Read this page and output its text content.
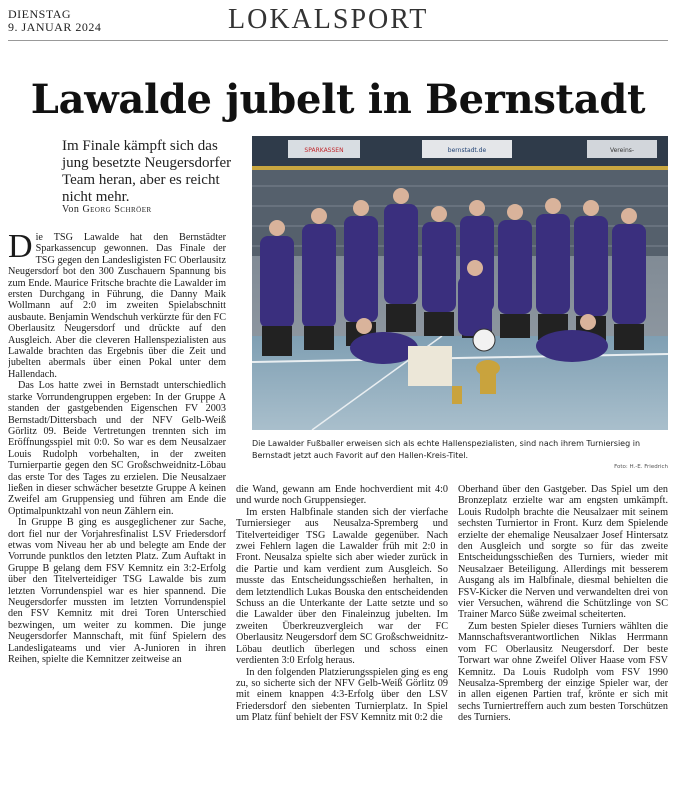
DIENSTAG
9. JANUAR 2024	LOKALSPORT
Lawalde jubelt in Bernstadt
Im Finale kämpft sich das jung besetzte Neugersdorfer Team heran, aber es reicht nicht mehr.
Von Georg Schröer
SPARKASSEN	bernstadt.de	Vereins-
Die Lawalder Fußballer erweisen sich als echte Hallenspezialisten, sind nach ihrem Turniersieg in Bernstadt jetzt auch Favorit auf den Hallen-Kreis-Titel.
Foto: H.-E. Friedrich

Die TSG Lawalde hat den Bernstädter Sparkassencup gewonnen. Das Finale der TSG gegen den Landesligisten FC Oberlausitz Neugersdorf bot den 300 Zuschauern Spannung bis zum Ende. Maurice Fritsche brachte die Lawalder im ersten Durchgang in Führung, die Danny Maik Wollmann auf 2:0 im zweiten Spielabschnitt ausbaute. Benjamin Wendschuh verkürzte für den FC Oberlausitz Neugersdorf und drückte auf den Ausgleich. Aber die cleveren Hallenspezialisten aus Lawalde brachten das Ergebnis über die Zeit und jubelten abermals über einen Pokal unter dem Hallendach.

Das Los hatte zwei in Bernstadt unterschiedlich starke Vorrundengruppen ergeben: In der Gruppe A standen der gastgebenden Eigenschen FV 2003 Bernstadt/Dittersbach und der NFV Gelb-Weiß Görlitz 09. Beide Vertretungen trennten sich im Eröffnungsspiel mit 0:0. So war es dem Neusalzaer Louis Rudolph vorbehalten, in der zweiten Turnierpartie gegen den SC Großschweidnitz-Löbau das erste Tor des Tages zu erzielen. Die Neusalzaer ließen in dieser schwächer besetzte Gruppe A keinen Zweifel am Gruppensieg und führen am Ende die Optimalpunktzahl von neun Zählern ein.

In Gruppe B ging es ausgeglichener zur Sache, dort fiel nur der Vorjahresfinalist LSV Friedersdorf etwas vom Niveau her ab und belegte am Ende der Vorrunde punktlos den letzten Platz. Zum Auftakt in Gruppe B gelang dem FSV Kemnitz ein 3:2-Erfolg über den Titelverteidiger TSG Lawalde bis zum letzten Vorrundenspiel war es hier spannend. Die Neugersdorfer mussten im letzten Vorrundenspiel den FSV Kemnitz mit drei Toren Unterschied bezwingen, um weiter zu kommen. Die junge Neugersdorfer Mannschaft, mit fünf Spielern des Landesligateams und vier A-Junioren in ihren Reihen, spielte die Kemnitzer zeitweise an

die Wand, gewann am Ende hochverdient mit 4:0 und wurde noch Gruppensieger.

Im ersten Halbfinale standen sich der vierfache Turniersieger aus Neusalza-Spremberg und Titelverteidiger TSG Lawalde gegenüber. Nach zwei Fehlern lagen die Lawalder früh mit 2:0 in Front. Neusalza spielte sich aber wieder zurück in die Partie und kam verdient zum Ausgleich. So musste das Entscheidungsschießen herhalten, in dem letztendlich Lukas Bouska den entscheidenden Schuss an die Unterkante der Latte setzte und so die Lawalder über den Finaleinzug jubelten. Im zweiten Überkreuzvergleich war der FC Oberlausitz Neugersdorf dem SC Großschweidnitz-Löbau deutlich überlegen und schoss einen verdienten 3:0 Erfolg heraus.

In den folgenden Platzierungsspielen ging es eng zu, so sicherte sich der NFV Gelb-Weiß Görlitz 09 mit einem knappen 4:3-Erfolg über den LSV Friedersdorf den siebenten Turnierplatz. In Spiel um Platz fünf behielt der FSV Kemnitz mit 0:2 die

Oberhand über den Gastgeber. Das Spiel um den Bronzeplatz erzielte war am engsten umkämpft. Louis Rudolph brachte die Neusalzaer mit seinem sechsten Turniertor in Front. Kurz dem Spielende erzielte der ehemalige Neusalzaer Josef Hintersatz den Ausgleich und sorgte so für das zweite Entscheidungsschießen des Turniers, wieder mit Neusalzaer Beteiligung. Allerdings mit besserem Ausgang als im Halbfinale, diesmal behielten die FSV-Kicker die Nerven und verwandelten drei von vier Versuchen, während die Schützlinge von SC Trainer Marco Süße zweimal scheiterten.

Zum besten Spieler dieses Turniers wählten die Mannschaftsverantwortlichen Niklas Herrmann vom FC Oberlausitz Neugersdorf. Der beste Torwart war ohne Zweifel Oliver Haase vom FSV Kemnitz. Da Louis Rudolph vom FSV 1990 Neusalza-Spremberg der einzige Spieler war, der in allen eigenen Partien traf, krönte er sich mit sechs Turniertreffern auch zum besten Torschützen des Turniers.
